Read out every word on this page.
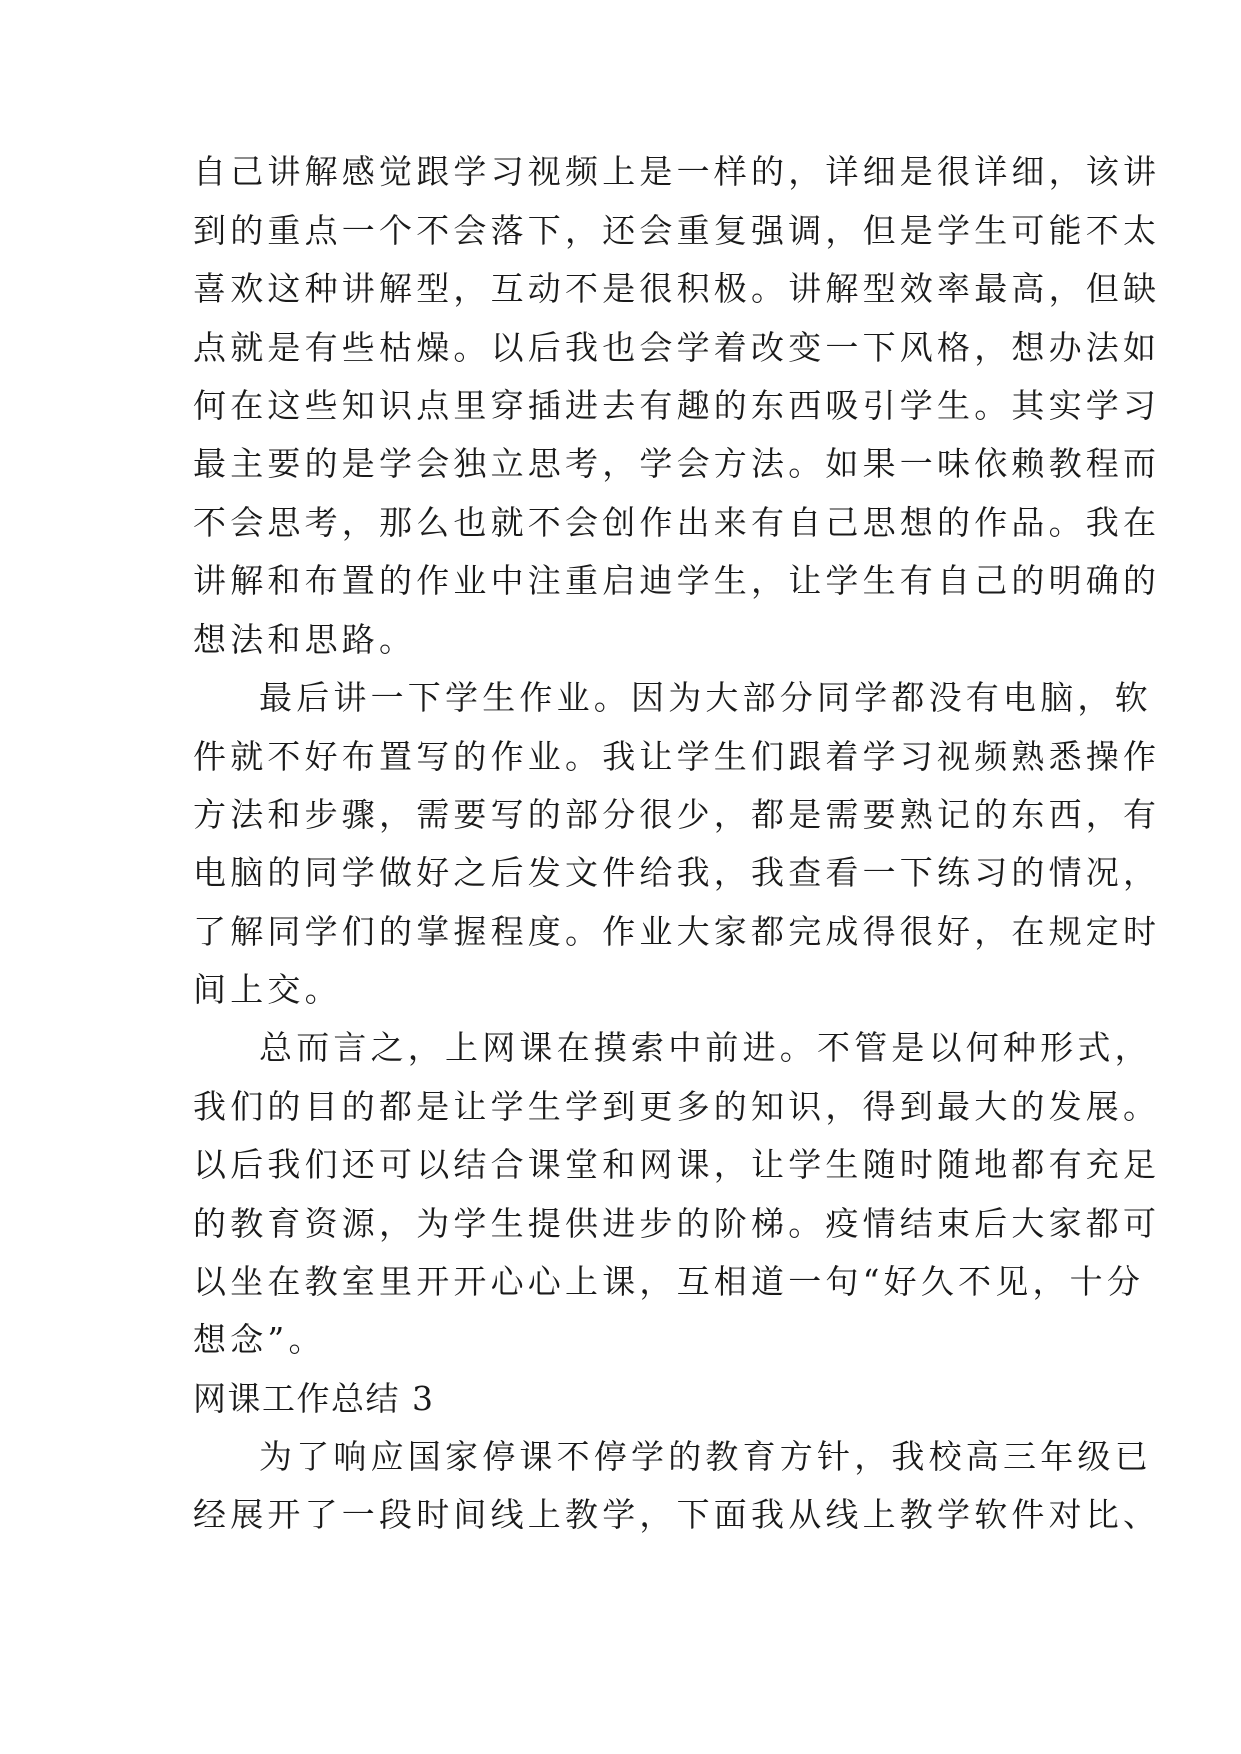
自己讲解感觉跟学习视频上是一样的，详细是很详细，该讲
到的重点一个不会落下，还会重复强调，但是学生可能不太
喜欢这种讲解型，互动不是很积极。讲解型效率最高，但缺
点就是有些枯燥。以后我也会学着改变一下风格，想办法如
何在这些知识点里穿插进去有趣的东西吸引学生。其实学习
最主要的是学会独立思考，学会方法。如果一味依赖教程而
不会思考，那么也就不会创作出来有自己思想的作品。我在
讲解和布置的作业中注重启迪学生，让学生有自己的明确的
想法和思路。
最后讲一下学生作业。因为大部分同学都没有电脑，软
件就不好布置写的作业。我让学生们跟着学习视频熟悉操作
方法和步骤，需要写的部分很少，都是需要熟记的东西，有
电脑的同学做好之后发文件给我，我查看一下练习的情况，
了解同学们的掌握程度。作业大家都完成得很好，在规定时
间上交。
总而言之，上网课在摸索中前进。不管是以何种形式，
我们的目的都是让学生学到更多的知识，得到最大的发展。
以后我们还可以结合课堂和网课，让学生随时随地都有充足
的教育资源，为学生提供进步的阶梯。疫情结束后大家都可
以坐在教室里开开心心上课，互相道一句“好久不见，十分
想念”。
网课工作总结 3
为了响应国家停课不停学的教育方针，我校高三年级已
经展开了一段时间线上教学，下面我从线上教学软件对比、
